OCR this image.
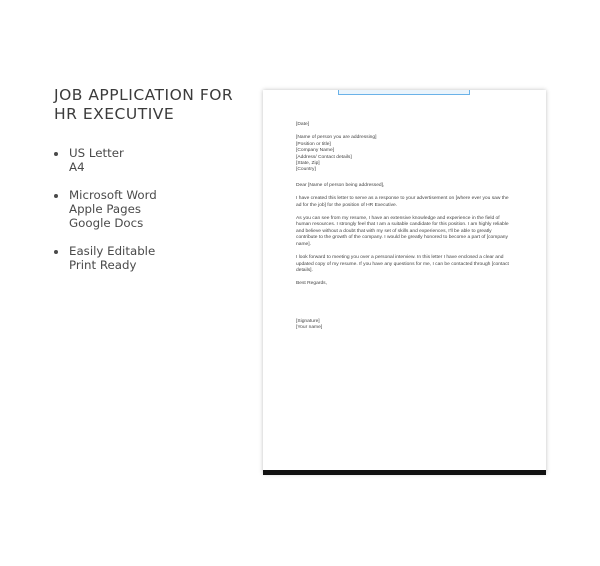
JOB APPLICATION FOR
HR EXECUTIVE
US Letter
A4
Microsoft Word
Apple Pages
Google Docs
Easily Editable
Print Ready
[Date]
[Name of person you are addressing]
[Position or title]
[Company Name]
[Address/ Contact details]
[State, Zip]
[Country]
Dear [Name of person being addressed],
I have created this letter to serve as a response to your advertisement on [where ever you saw the ad for the job] for the position of HR Executive.
As you can see from my resume, I have an extensive knowledge and experience in the field of human resources. I strongly feel that I am a suitable candidate for this position. I am highly reliable and believe without a doubt that with my set of skills and experiences, I'll be able to greatly contribute to the growth of the company. I would be greatly honored to become a part of [company name].
I look forward to meeting you over a personal interview. In this letter I have enclosed a clear and updated copy of my resume. If you have any questions for me, I can be contacted through [contact details].
Best Regards,
[Signature]
[Your name]
